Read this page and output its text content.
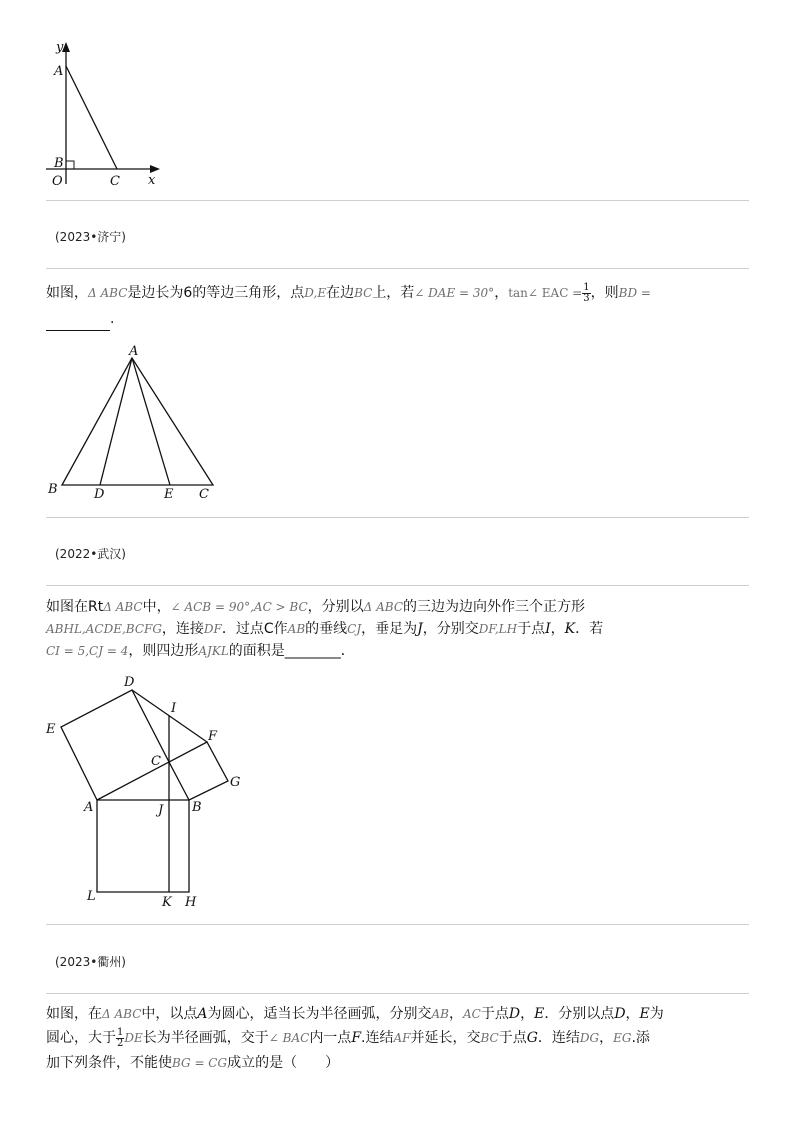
y
A
B
O	C x
(2023•济宁)
如图，Δ ABC是边长为6的等边三角形，点D,E在边BC上，若∠ DAE = 30°，tan∠ EAC = $\frac{1}{3}$ ，则BD =
.
A
B	D	E C
(2022•武汉)
如图在RtΔ ABC中，∠ ACB = 90°,AC > BC，分别以Δ ABC的三边为边向外作三个正方形
ABHL,ACDE,BCFG，连接DF．过点C作AB的垂线CJ，垂足为J，分别交DF,LH于点I，K．若
CI = 5,CJ = 4，则四边形AJKL的面积是________．
D
I
E	F
C
G
A	J B
L	K H
(2023•衢州)
如图，在Δ ABC中，以点A为圆心，适当长为半径画弧，分别交AB，AC于点D，E．分别以点D，E为
圆心，大于 $\frac{1}{2}$ DE长为半径画弧，交于∠ BAC内一点F.连结AF并延长，交BC于点G．连结DG，EG.添
加下列条件，不能使BG = CG成立的是（　　）
